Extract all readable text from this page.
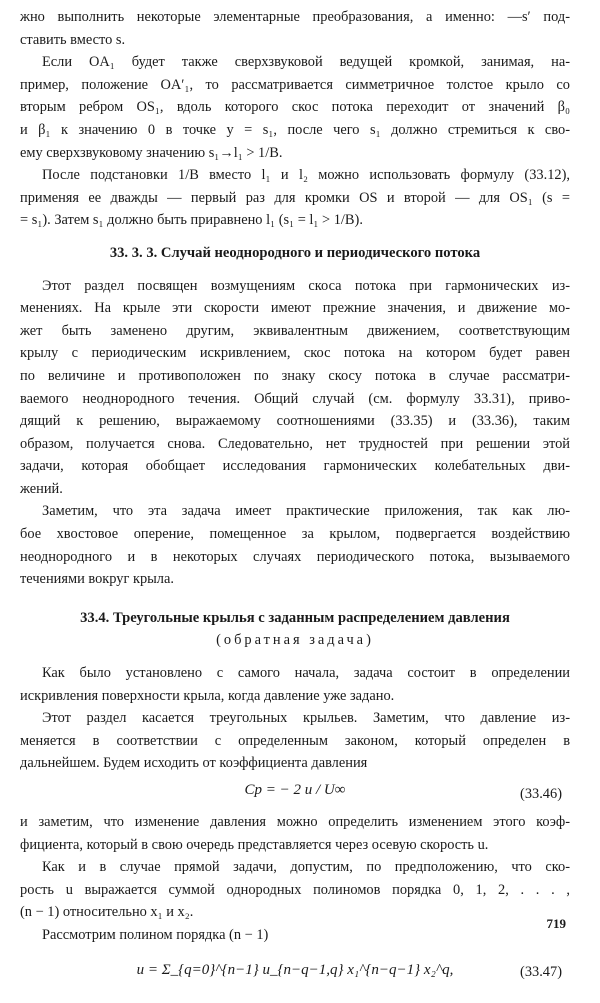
жно выполнить некоторые элементарные преобразования, а именно: —s′ под-
ставить вместо s.
Если OA₁ будет также сверхзвуковой ведущей кромкой, занимая, на-
пример, положение OA′₁, то рассматривается симметричное толстое крыло со
вторым ребром OS₁, вдоль которого скос потока переходит от значений β₀
и β₁ к значению 0 в точке y = s₁, после чего s₁ должно стремиться к сво-
ему сверхзвуковому значению s₁→l₁ > 1/B.
После подстановки 1/B вместо l₁ и l₂ можно использовать формулу (33.12),
применяя ее дважды — первый раз для кромки OS и второй — для OS₁ (s =
= s₁). Затем s₁ должно быть приравнено l₁ (s₁ = l₁ > 1/B).
33. 3. 3. Случай неоднородного и периодического потока
Этот раздел посвящен возмущениям скоса потока при гармонических из-
менениях. На крыле эти скорости имеют прежние значения, и движение мо-
жет быть заменено другим, эквивалентным движением, соответствующим
крылу с периодическим искривлением, скос потока на котором будет равен
по величине и противоположен по знаку скосу потока в случае рассматри-
ваемого неоднородного течения. Общий случай (см. формулу 33.31), приво-
дящий к решению, выражаемому соотношениями (33.35) и (33.36), таким
образом, получается снова. Следовательно, нет трудностей при решении этой
задачи, которая обобщает исследования гармонических колебательных дви-
жений.
Заметим, что эта задача имеет практические приложения, так как лю-
бое хвостовое оперение, помещенное за крылом, подвергается воздействию
неоднородного и в некоторых случаях периодического потока, вызываемого
течениями вокруг крыла.
33.4. Треугольные крылья с заданным распределением давления
(обратная задача)
Как было установлено с самого начала, задача состоит в определении
искривления поверхности крыла, когда давление уже задано.
Этот раздел касается треугольных крыльев. Заметим, что давление из-
меняется в соответствии с определенным законом, который определен в
дальнейшем. Будем исходить от коэффициента давления
Cp = − 2 u / U∞	(33.46)
и заметим, что изменение давления можно определить изменением этого коэф-
фициента, который в свою очередь представляется через осевую скорость u.
Как и в случае прямой задачи, допустим, по предположению, что ско-
рость u выражается суммой однородных полиномов порядка 0, 1, 2, . . . ,
(n − 1) относительно x₁ и x₂.
Рассмотрим полином порядка (n − 1)
u = Σ_{q=0}^{n−1} u_{n−q−1,q} x₁^{n−q−1} x₂^q,	(33.47)
719
